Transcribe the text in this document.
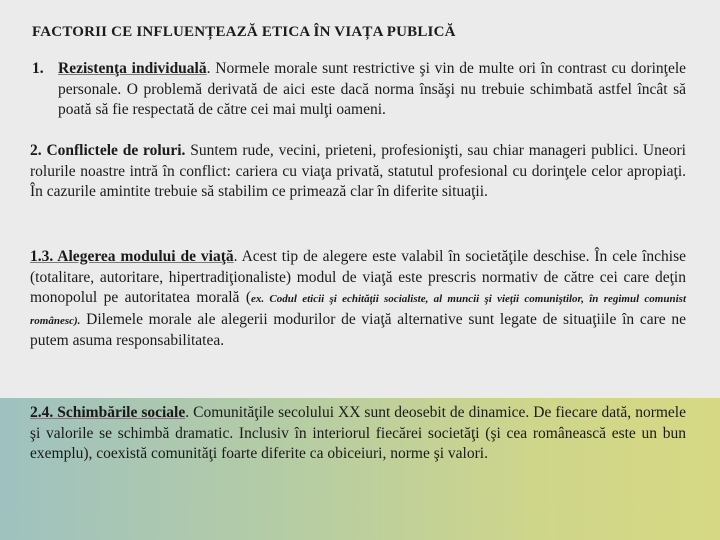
FACTORII CE INFLUENȚEAZĂ ETICA ÎN VIAȚA PUBLICĂ
1. Rezistenţa individuală. Normele morale sunt restrictive şi vin de multe ori în contrast cu dorinţele personale. O problemă derivată de aici este dacă norma însăşi nu trebuie schimbată astfel încât să poată să fie respectată de către cei mai mulţi oameni.
2. Conflictele de roluri. Suntem rude, vecini, prieteni, profesionişti, sau chiar manageri publici. Uneori rolurile noastre intră în conflict: cariera cu viaţa privată, statutul profesional cu dorinţele celor apropiaţi. În cazurile amintite trebuie să stabilim ce primează clar în diferite situaţii.
1.3. Alegerea modului de viaţă. Acest tip de alegere este valabil în societăţile deschise. În cele închise (totalitare, autoritare, hipertradiţionaliste) modul de viaţă este prescris normativ de către cei care deţin monopolul pe autoritatea morală (ex. Codul eticii şi echităţii socialiste, al muncii şi vieţii comuniştilor, în regimul comunist românesc). Dilemele morale ale alegerii modurilor de viaţă alternative sunt legate de situaţiile în care ne putem asuma responsabilitatea.
2.4. Schimbările sociale. Comunităţile secolului XX sunt deosebit de dinamice. De fiecare dată, normele şi valorile se schimbă dramatic. Inclusiv în interiorul fiecărei societăţi (şi cea românească este un bun exemplu), coexistă comunităţi foarte diferite ca obiceiuri, norme şi valori.
